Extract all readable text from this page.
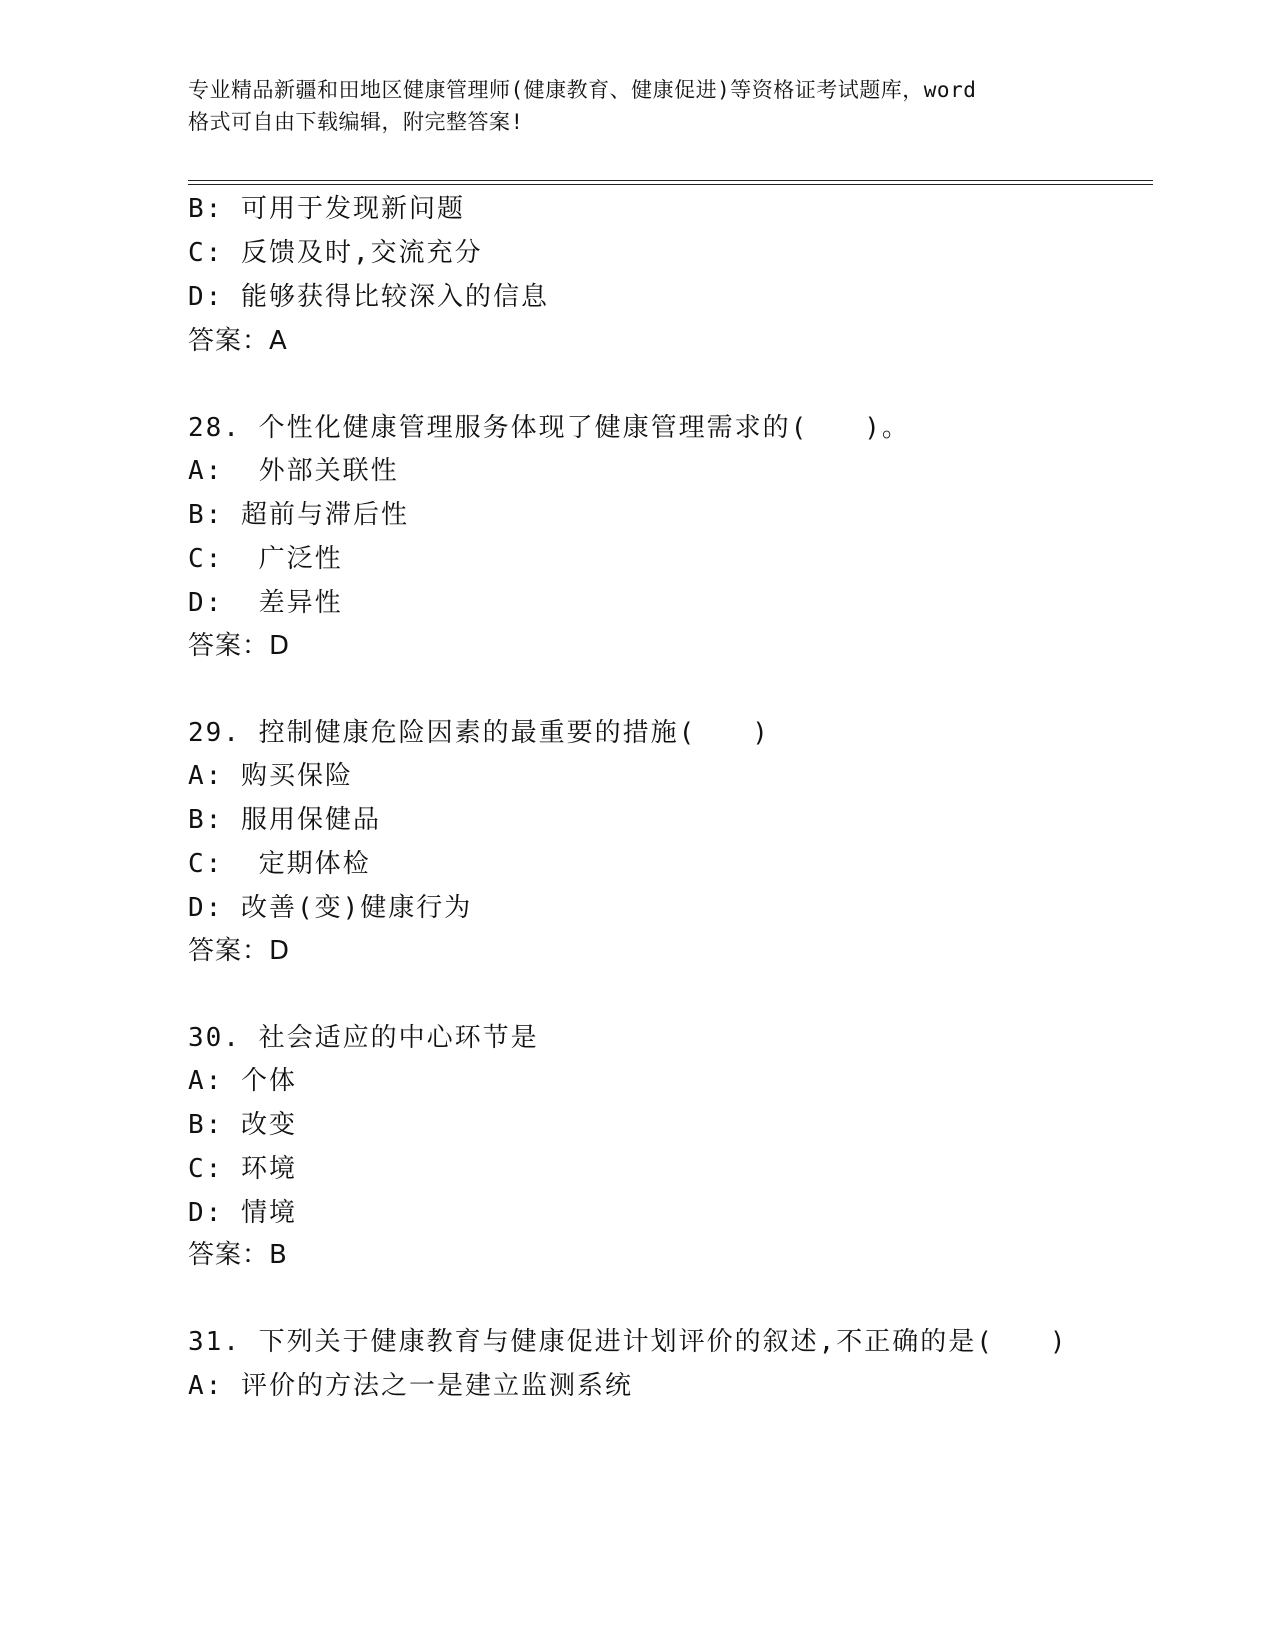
专业精品新疆和田地区健康管理师(健康教育、健康促进)等资格证考试题库，word
格式可自由下载编辑，附完整答案!
B: 可用于发现新问题
C: 反馈及时,交流充分
D: 能够获得比较深入的信息
答案：A
28. 个性化健康管理服务体现了健康管理需求的(　　)。
A:  外部关联性
B: 超前与滞后性
C:  广泛性
D:  差异性
答案：D
29. 控制健康危险因素的最重要的措施(　　)
A: 购买保险
B: 服用保健品
C:  定期体检
D: 改善(变)健康行为
答案：D
30. 社会适应的中心环节是
A: 个体
B: 改变
C: 环境
D: 情境
答案：B
31. 下列关于健康教育与健康促进计划评价的叙述,不正确的是(　　)
A: 评价的方法之一是建立监测系统
